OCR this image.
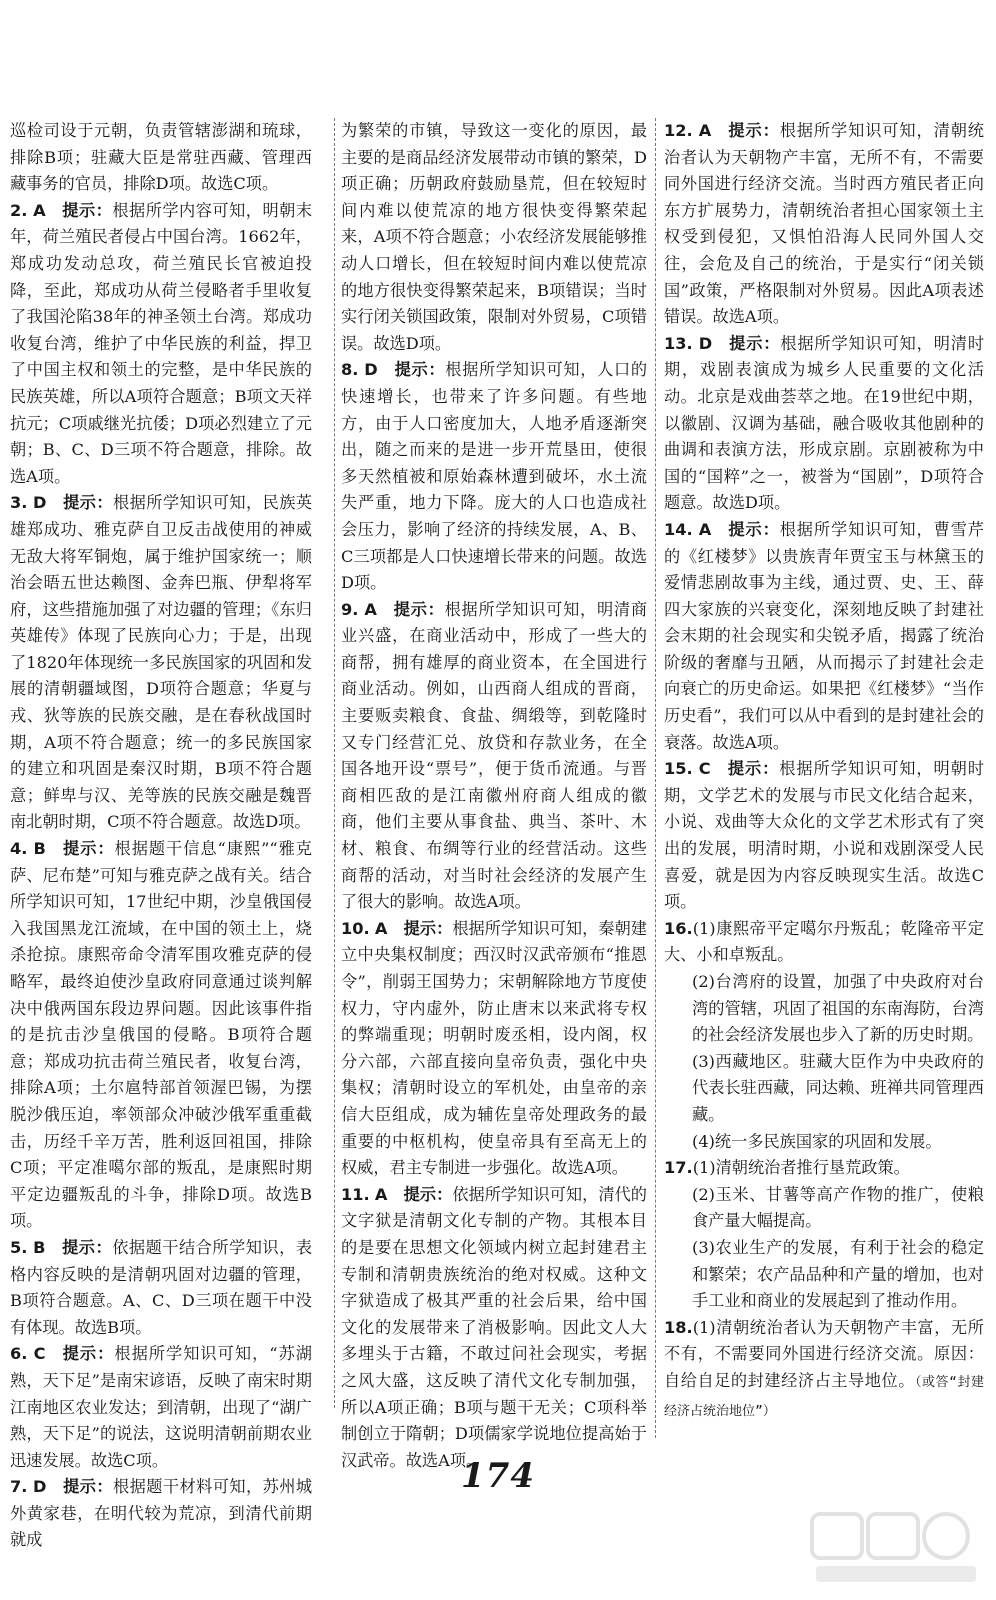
巡检司设于元朝，负责管辖澎湖和琉球，排除B项；驻藏大臣是常驻西藏、管理西藏事务的官员，排除D项。故选C项。

2. A  提示：根据所学内容可知，明朝末年，荷兰殖民者侵占中国台湾。1662年，郑成功发动总攻，荷兰殖民长官被迫投降，至此，郑成功从荷兰侵略者手里收复了我国沦陷38年的神圣领土台湾。郑成功收复台湾，维护了中华民族的利益，捍卫了中国主权和领土的完整，是中华民族的民族英雄，所以A项符合题意；B项文天祥抗元；C项戚继光抗倭；D项必烈建立了元朝；B、C、D三项不符合题意，排除。故选A项。

3. D  提示：根据所学知识可知，民族英雄郑成功、雅克萨自卫反击战使用的神威无敌大将军铜炮，属于维护国家统一；顺治会晤五世达赖图、金奔巴瓶、伊犁将军府，这些措施加强了对边疆的管理；《东归英雄传》体现了民族向心力；于是，出现了1820年体现统一多民族国家的巩固和发展的清朝疆域图，D项符合题意；华夏与戎、狄等族的民族交融，是在春秋战国时期，A项不符合题意；统一的多民族国家的建立和巩固是秦汉时期，B项不符合题意；鲜卑与汉、羌等族的民族交融是魏晋南北朝时期，C项不符合题意。故选D项。

4. B  提示：根据题干信息“康熙”“雅克萨、尼布楚”可知与雅克萨之战有关。结合所学知识可知，17世纪中期，沙皇俄国侵入我国黑龙江流域，在中国的领土上，烧杀抢掠。康熙帝命令清军围攻雅克萨的侵略军，最终迫使沙皇政府同意通过谈判解决中俄两国东段边界问题。因此该事件指的是抗击沙皇俄国的侵略。B项符合题意；郑成功抗击荷兰殖民者，收复台湾，排除A项；土尔扈特部首领渥巴锡，为摆脱沙俄压迫，率领部众冲破沙俄军重重截击，历经千辛万苦，胜利返回祖国，排除C项；平定准噶尔部的叛乱，是康熙时期平定边疆叛乱的斗争，排除D项。故选B项。

5. B  提示：依据题干结合所学知识，表格内容反映的是清朝巩固对边疆的管理，B项符合题意。A、C、D三项在题干中没有体现。故选B项。

6. C  提示：根据所学知识可知，“苏湖熟，天下足”是南宋谚语，反映了南宋时期江南地区农业发达；到清朝，出现了“湖广熟，天下足”的说法，这说明清朝前期农业迅速发展。故选C项。

7. D  提示：根据题干材料可知，苏州城外黄家巷，在明代较为荒凉，到清代前期就成

为繁荣的市镇，导致这一变化的原因，最主要的是商品经济发展带动市镇的繁荣，D项正确；历朝政府鼓励垦荒，但在较短时间内难以使荒凉的地方很快变得繁荣起来，A项不符合题意；小农经济发展能够推动人口增长，但在较短时间内难以使荒凉的地方很快变得繁荣起来，B项错误；当时实行闭关锁国政策，限制对外贸易，C项错误。故选D项。

8. D  提示：根据所学知识可知，人口的快速增长，也带来了许多问题。有些地方，由于人口密度加大，人地矛盾逐渐突出，随之而来的是进一步开荒垦田，使很多天然植被和原始森林遭到破坏，水土流失严重，地力下降。庞大的人口也造成社会压力，影响了经济的持续发展，A、B、C三项都是人口快速增长带来的问题。故选D项。

9. A  提示：根据所学知识可知，明清商业兴盛，在商业活动中，形成了一些大的商帮，拥有雄厚的商业资本，在全国进行商业活动。例如，山西商人组成的晋商，主要贩卖粮食、食盐、绸缎等，到乾隆时又专门经营汇兑、放贷和存款业务，在全国各地开设“票号”，便于货币流通。与晋商相匹敌的是江南徽州府商人组成的徽商，他们主要从事食盐、典当、茶叶、木材、粮食、布绸等行业的经营活动。这些商帮的活动，对当时社会经济的发展产生了很大的影响。故选A项。

10. A  提示：根据所学知识可知，秦朝建立中央集权制度；西汉时汉武帝颁布“推恩令”，削弱王国势力；宋朝解除地方节度使权力，守内虚外，防止唐末以来武将专权的弊端重现；明朝时废丞相，设内阁，权分六部，六部直接向皇帝负责，强化中央集权；清朝时设立的军机处，由皇帝的亲信大臣组成，成为辅佐皇帝处理政务的最重要的中枢机构，使皇帝具有至高无上的权威，君主专制进一步强化。故选A项。

11. A  提示：依据所学知识可知，清代的文字狱是清朝文化专制的产物。其根本目的是要在思想文化领域内树立起封建君主专制和清朝贵族统治的绝对权威。这种文字狱造成了极其严重的社会后果，给中国文化的发展带来了消极影响。因此文人大多埋头于古籍，不敢过问社会现实，考据之风大盛，这反映了清代文化专制加强，所以A项正确；B项与题干无关；C项科举制创立于隋朝；D项儒家学说地位提高始于汉武帝。故选A项。

12. A  提示：根据所学知识可知，清朝统治者认为天朝物产丰富，无所不有，不需要同外国进行经济交流。当时西方殖民者正向东方扩展势力，清朝统治者担心国家领土主权受到侵犯，又惧怕沿海人民同外国人交往，会危及自己的统治，于是实行“闭关锁国”政策，严格限制对外贸易。因此A项表述错误。故选A项。

13. D  提示：根据所学知识可知，明清时期，戏剧表演成为城乡人民重要的文化活动。北京是戏曲荟萃之地。在19世纪中期，以徽剧、汉调为基础，融合吸收其他剧种的曲调和表演方法，形成京剧。京剧被称为中国的“国粹”之一，被誉为“国剧”，D项符合题意。故选D项。

14. A  提示：根据所学知识可知，曹雪芹的《红楼梦》以贵族青年贾宝玉与林黛玉的爱情悲剧故事为主线，通过贾、史、王、薛四大家族的兴衰变化，深刻地反映了封建社会末期的社会现实和尖锐矛盾，揭露了统治阶级的奢靡与丑陋，从而揭示了封建社会走向衰亡的历史命运。如果把《红楼梦》“当作历史看”，我们可以从中看到的是封建社会的衰落。故选A项。

15. C  提示：根据所学知识可知，明朝时期，文学艺术的发展与市民文化结合起来，小说、戏曲等大众化的文学艺术形式有了突出的发展，明清时期，小说和戏剧深受人民喜爱，就是因为内容反映现实生活。故选C项。

16.(1)康熙帝平定噶尔丹叛乱；乾隆帝平定大、小和卓叛乱。

(2)台湾府的设置，加强了中央政府对台湾的管辖，巩固了祖国的东南海防，台湾的社会经济发展也步入了新的历史时期。

(3)西藏地区。驻藏大臣作为中央政府的代表长驻西藏，同达赖、班禅共同管理西藏。

(4)统一多民族国家的巩固和发展。

17.(1)清朝统治者推行垦荒政策。

(2)玉米、甘薯等高产作物的推广，使粮食产量大幅提高。

(3)农业生产的发展，有利于社会的稳定和繁荣；农产品品种和产量的增加，也对手工业和商业的发展起到了推动作用。

18.(1)清朝统治者认为天朝物产丰富，无所不有，不需要同外国进行经济交流。原因：自给自足的封建经济占主导地位。（或答“封建经济占统治地位”）

174
